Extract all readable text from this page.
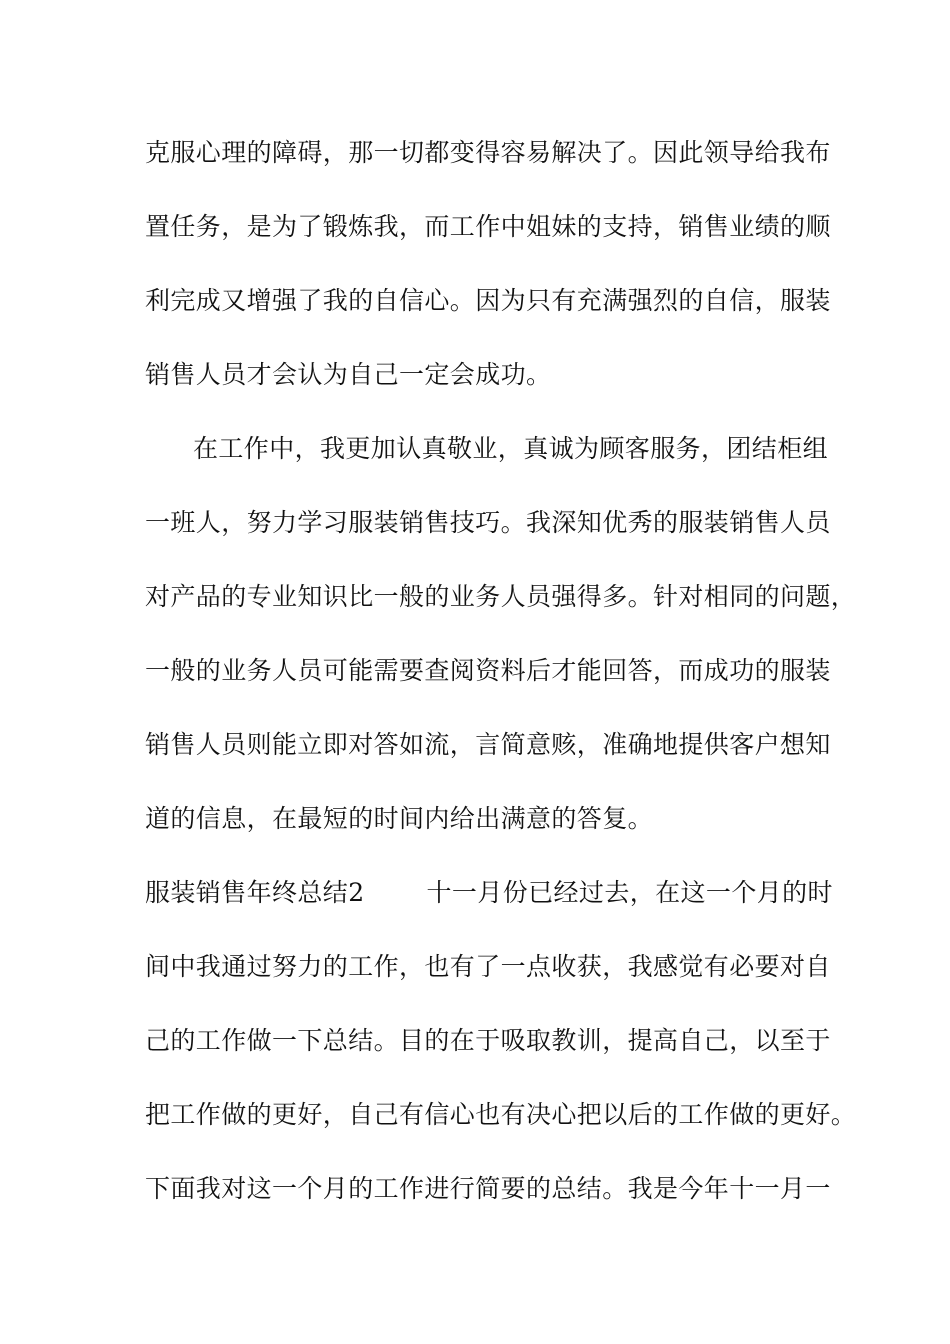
克服心理的障碍，那一切都变得容易解决了。因此领导给我布
置任务，是为了锻炼我，而工作中姐妹的支持，销售业绩的顺
利完成又增强了我的自信心。因为只有充满强烈的自信，服装
销售人员才会认为自己一定会成功。
在工作中，我更加认真敬业，真诚为顾客服务，团结柜组
一班人，努力学习服装销售技巧。我深知优秀的服装销售人员
对产品的专业知识比一般的业务人员强得多。针对相同的问题，
一般的业务人员可能需要查阅资料后才能回答，而成功的服装
销售人员则能立即对答如流，言简意赅，准确地提供客户想知
道的信息，在最短的时间内给出满意的答复。
服装销售年终总结2 十一月份已经过去，在这一个月的时
间中我通过努力的工作，也有了一点收获，我感觉有必要对自
己的工作做一下总结。目的在于吸取教训，提高自己，以至于
把工作做的更好，自己有信心也有决心把以后的工作做的更好。
下面我对这一个月的工作进行简要的总结。我是今年十一月一
